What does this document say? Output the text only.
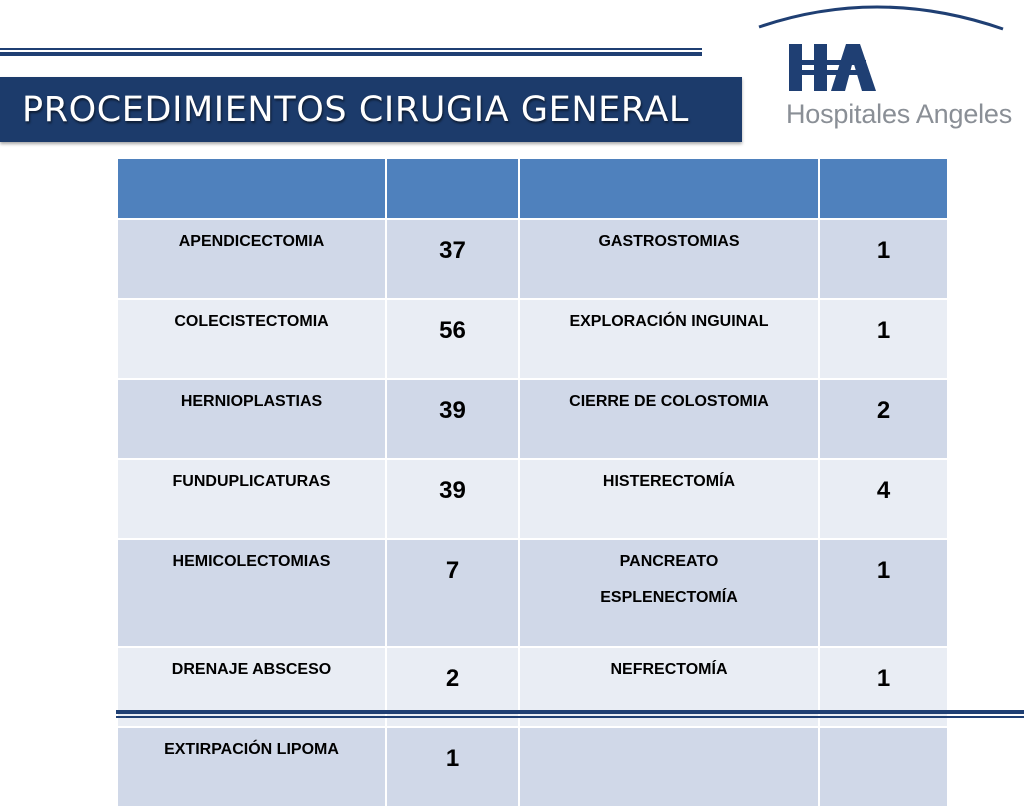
PROCEDIMIENTOS CIRUGIA GENERAL	Hospitales Angeles

APENDICECTOMIA	37	GASTROSTOMIAS	1

COLECISTECTOMIA	56	EXPLORACIÓN INGUINAL	1

HERNIOPLASTIAS	39	CIERRE DE COLOSTOMIA	2

FUNDUPLICATURAS	39	HISTERECTOMÍA	4

HEMICOLECTOMIAS	7	PANCREATO ESPLENECTOMÍA	1

DRENAJE ABSCESO	2	NEFRECTOMÍA	1

EXTIRPACIÓN LIPOMA	1	
